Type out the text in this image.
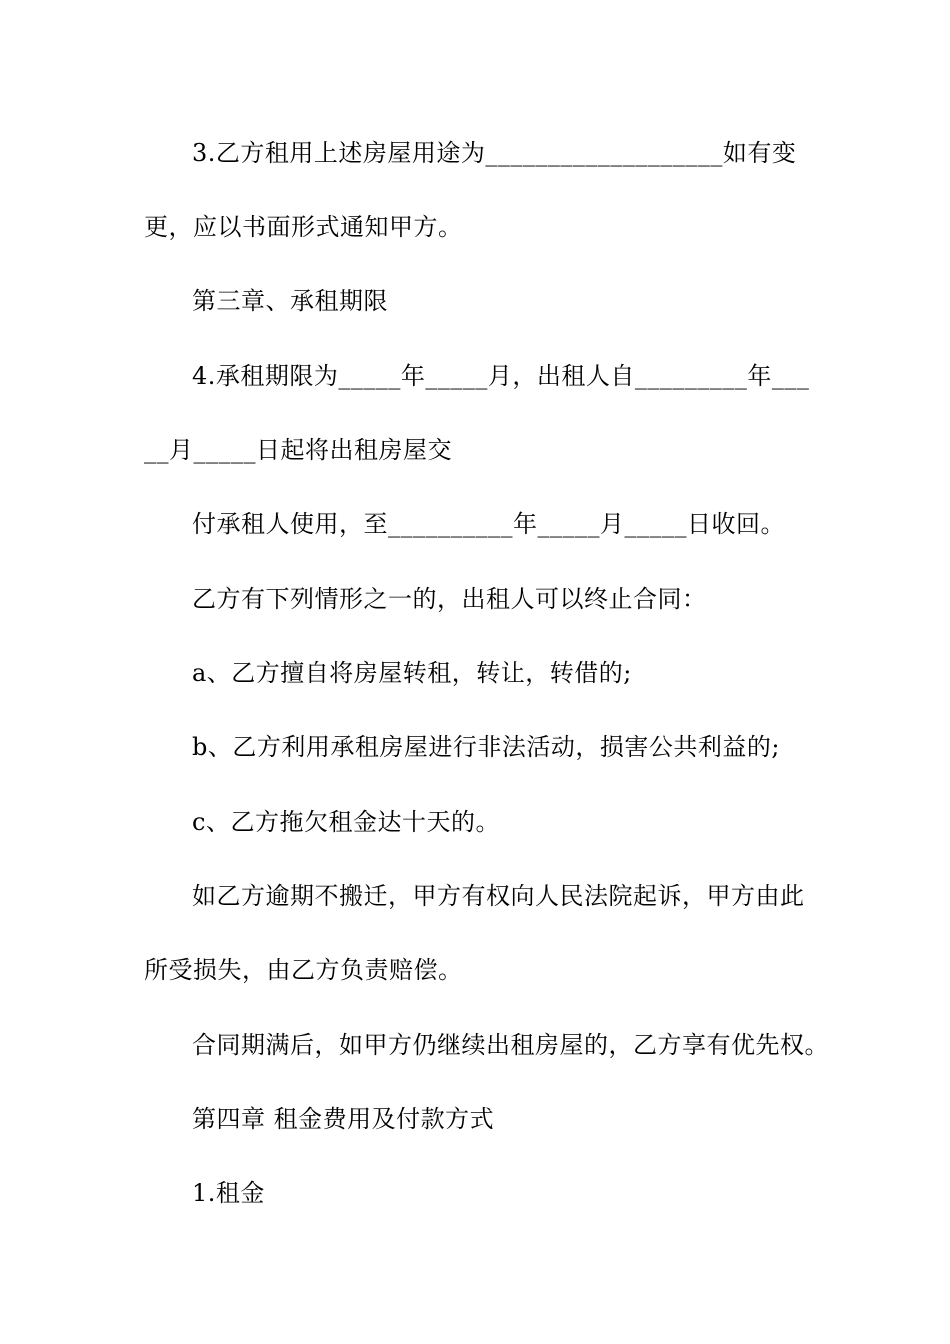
3.乙方租用上述房屋用途为___________________如有变
更，应以书面形式通知甲方。
第三章、承租期限
4.承租期限为_____年_____月，出租人自_________年___
__月_____日起将出租房屋交
付承租人使用，至__________年_____月_____日收回。
乙方有下列情形之一的，出租人可以终止合同：
a、乙方擅自将房屋转租，转让，转借的;
b、乙方利用承租房屋进行非法活动，损害公共利益的;
c、乙方拖欠租金达十天的。
如乙方逾期不搬迁，甲方有权向人民法院起诉，甲方由此
所受损失，由乙方负责赔偿。
合同期满后，如甲方仍继续出租房屋的，乙方享有优先权。
第四章 租金费用及付款方式
1.租金
